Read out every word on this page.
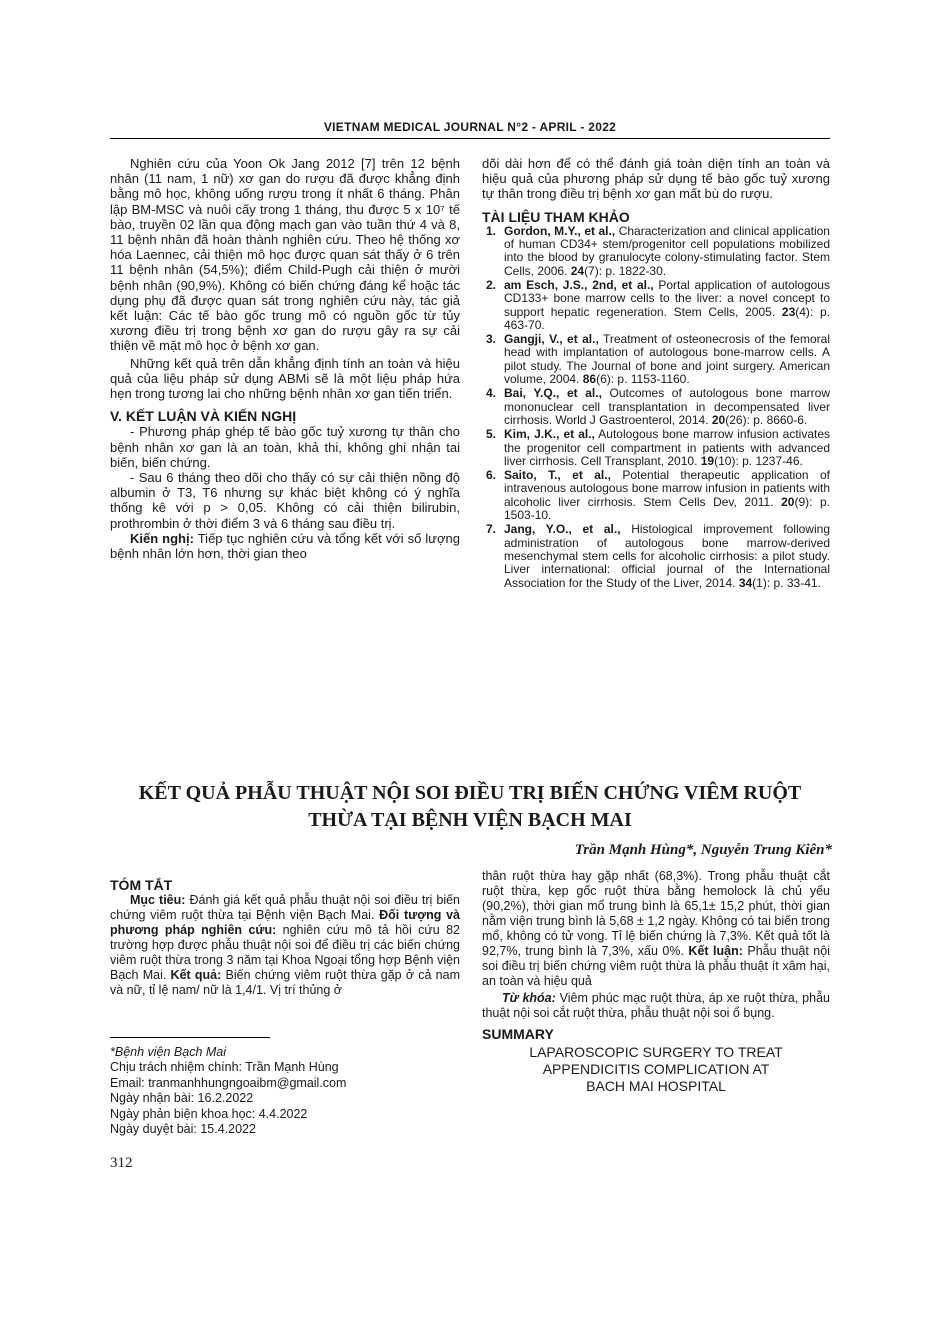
VIETNAM MEDICAL JOURNAL N°2 - APRIL - 2022

Nghiên cứu của Yoon Ok Jang 2012 [7] trên 12 bệnh nhân (11 nam, 1 nữ) xơ gan do rượu đã được khẳng định bằng mô học, không uống rượu trong ít nhất 6 tháng. Phân lập BM-MSC và nuôi cấy trong 1 tháng, thu được 5 x 10⁷ tế bào, truyền 02 lần qua động mạch gan vào tuần thứ 4 và 8, 11 bệnh nhân đã hoàn thành nghiên cứu. Theo hệ thống xơ hóa Laennec, cải thiện mô học được quan sát thấy ở 6 trên 11 bệnh nhân (54,5%); điểm Child-Pugh cải thiện ở mười bệnh nhân (90,9%). Không có biến chứng đáng kể hoặc tác dụng phụ đã được quan sát trong nghiên cứu này, tác giả kết luận: Các tế bào gốc trung mô có nguồn gốc từ tủy xương điều trị trong bệnh xơ gan do rượu gây ra sự cải thiện về mặt mô học ở bệnh xơ gan.

Những kết quả trên dẫn khẳng định tính an toàn và hiệu quả của liệu pháp sử dụng ABMi sẽ là một liệu pháp hứa hẹn trong tương lai cho những bệnh nhân xơ gan tiến triển.

V. KẾT LUẬN VÀ KIẾN NGHỊ

- Phương pháp ghép tế bào gốc tuỷ xương tự thân cho bệnh nhân xơ gan là an toàn, khả thi, không ghi nhận tai biến, biến chứng.

- Sau 6 tháng theo dõi cho thấy có sự cải thiện nồng độ albumin ở T3, T6 nhưng sự khác biệt không có ý nghĩa thống kê với p > 0,05. Không có cải thiện bilirubin, prothrombin ở thời điểm 3 và 6 tháng sau điều trị.

Kiến nghị: Tiếp tục nghiên cứu và tổng kết với số lượng bệnh nhân lớn hơn, thời gian theo

dõi dài hơn để có thể đánh giá toàn diện tính an toàn và hiệu quả của phương pháp sử dụng tế bào gốc tuỷ xương tự thân trong điều trị bệnh xơ gan mất bù do rượu.

TÀI LIỆU THAM KHẢO

1. Gordon, M.Y., et al., Characterization and clinical application of human CD34+ stem/progenitor cell populations mobilized into the blood by granulocyte colony-stimulating factor. Stem Cells, 2006. 24(7): p. 1822-30.
2. am Esch, J.S., 2nd, et al., Portal application of autologous CD133+ bone marrow cells to the liver: a novel concept to support hepatic regeneration. Stem Cells, 2005. 23(4): p. 463-70.
3. Gangji, V., et al., Treatment of osteonecrosis of the femoral head with implantation of autologous bone-marrow cells. A pilot study. The Journal of bone and joint surgery. American volume, 2004. 86(6): p. 1153-1160.
4. Bai, Y.Q., et al., Outcomes of autologous bone marrow mononuclear cell transplantation in decompensated liver cirrhosis. World J Gastroenterol, 2014. 20(26): p. 8660-6.
5. Kim, J.K., et al., Autologous bone marrow infusion activates the progenitor cell compartment in patients with advanced liver cirrhosis. Cell Transplant, 2010. 19(10): p. 1237-46.
6. Saito, T., et al., Potential therapeutic application of intravenous autologous bone marrow infusion in patients with alcoholic liver cirrhosis. Stem Cells Dev, 2011. 20(9): p. 1503-10.
7. Jang, Y.O., et al., Histological improvement following administration of autologous bone marrow-derived mesenchymal stem cells for alcoholic cirrhosis: a pilot study. Liver international: official journal of the International Association for the Study of the Liver, 2014. 34(1): p. 33-41.
KẾT QUẢ PHẪU THUẬT NỘI SOI ĐIỀU TRỊ BIẾN CHỨNG VIÊM RUỘT
THỪA TẠI BỆNH VIỆN BẠCH MAI
Trần Mạnh Hùng*, Nguyễn Trung Kiên*

TÓM TẮT

Mục tiêu: Đánh giá kết quả phẫu thuật nội soi điều trị biến chứng viêm ruột thừa tại Bệnh viện Bạch Mai. Đối tượng và phương pháp nghiên cứu: nghiên cứu mô tả hồi cứu 82 trường hợp được phẫu thuật nội soi để điều trị các biến chứng viêm ruột thừa trong 3 năm tại Khoa Ngoại tổng hợp Bệnh viện Bạch Mai. Kết quả: Biến chứng viêm ruột thừa gặp ở cả nam và nữ, tỉ lệ nam/ nữ là 1,4/1. Vị trí thủng ở

thân ruột thừa hay gặp nhất (68,3%). Trong phẫu thuật cắt ruột thừa, kẹp gốc ruột thừa bằng hemolock là chủ yếu (90,2%), thời gian mổ trung bình là 65,1± 15,2 phút, thời gian nằm viện trung bình là 5,68 ± 1,2 ngày. Không có tai biến trong mổ, không có tử vong. Tỉ lệ biến chứng là 7,3%. Kết quả tốt là 92,7%, trung bình là 7,3%, xấu 0%. Kết luận: Phẫu thuật nội soi điều trị biến chứng viêm ruột thừa là phẫu thuật ít xâm hại, an toàn và hiệu quả

Từ khóa: Viêm phúc mạc ruột thừa, áp xe ruột thừa, phẫu thuật nội soi cắt ruột thừa, phẫu thuật nội soi ổ bụng.

SUMMARY

LAPAROSCOPIC SURGERY TO TREAT
APPENDICITIS COMPLICATION AT
BACH MAI HOSPITAL
*Bệnh viện Bạch Mai
Chịu trách nhiệm chính: Trần Mạnh Hùng
Email: tranmanhhungngoaibm@gmail.com
Ngày nhận bài: 16.2.2022
Ngày phản biện khoa học: 4.4.2022
Ngày duyệt bài: 15.4.2022
312
